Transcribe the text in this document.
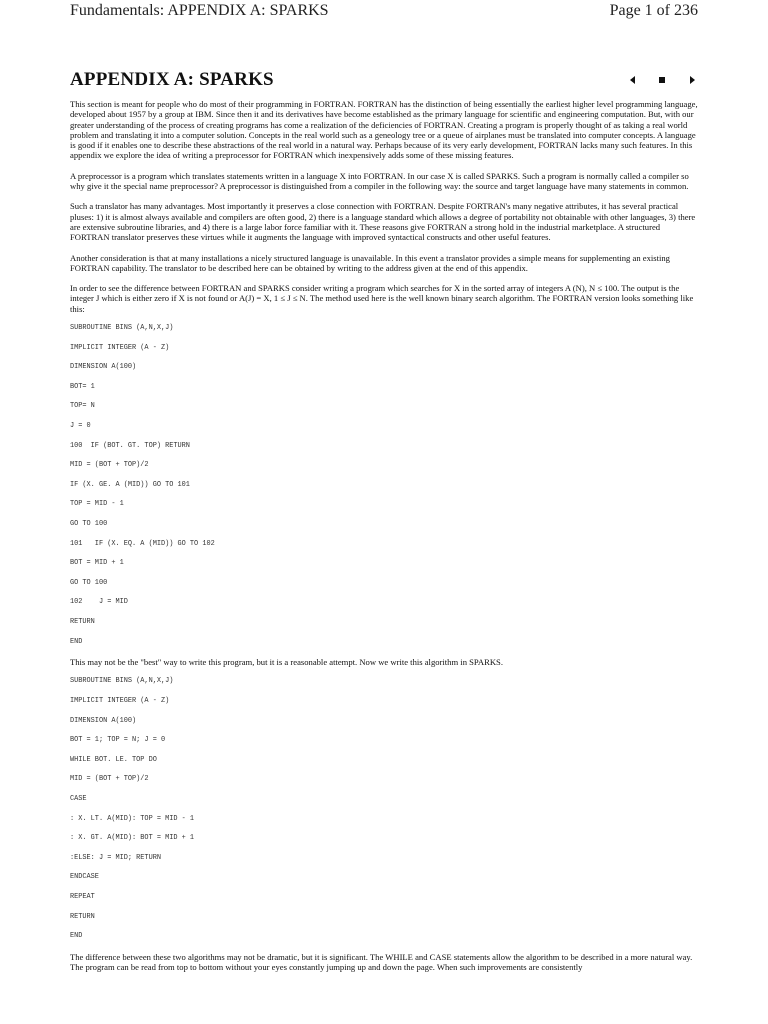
Fundamentals: APPENDIX A: SPARKS	Page 1 of 236
APPENDIX A: SPARKS

This section is meant for people who do most of their programming in FORTRAN. FORTRAN has the distinction of being essentially the earliest higher level programming language, developed about 1957 by a group at IBM. Since then it and its derivatives have become established as the primary language for scientific and engineering computation. But, with our greater understanding of the process of creating programs has come a realization of the deficiencies of FORTRAN. Creating a program is properly thought of as taking a real world problem and translating it into a computer solution. Concepts in the real world such as a geneology tree or a queue of airplanes must be translated into computer concepts. A language is good if it enables one to describe these abstractions of the real world in a natural way. Perhaps because of its very early development, FORTRAN lacks many such features. In this appendix we explore the idea of writing a preprocessor for FORTRAN which inexpensively adds some of these missing features.

A preprocessor is a program which translates statements written in a language X into FORTRAN. In our case X is called SPARKS. Such a program is normally called a compiler so why give it the special name preprocessor? A preprocessor is distinguished from a compiler in the following way: the source and target language have many statements in common.

Such a translator has many advantages. Most importantly it preserves a close connection with FORTRAN. Despite FORTRAN's many negative attributes, it has several practical pluses: 1) it is almost always available and compilers are often good, 2) there is a language standard which allows a degree of portability not obtainable with other languages, 3) there are extensive subroutine libraries, and 4) there is a large labor force familiar with it. These reasons give FORTRAN a strong hold in the industrial marketplace. A structured FORTRAN translator preserves these virtues while it augments the language with improved syntactical constructs and other useful features.

Another consideration is that at many installations a nicely structured language is unavailable. In this event a translator provides a simple means for supplementing an existing FORTRAN capability. The translator to be described here can be obtained by writing to the address given at the end of this appendix.

In order to see the difference between FORTRAN and SPARKS consider writing a program which searches for X in the sorted array of integers A (N), N ≤ 100. The output is the integer J which is either zero if X is not found or A(J) = X, 1 ≤ J ≤ N. The method used here is the well known binary search algorithm. The FORTRAN version looks something like this:

SUBROUTINE BINS (A,N,X,J)
IMPLICIT INTEGER (A - Z)
DIMENSION A(100)
BOT= 1
TOP= N
J = 0
100  IF (BOT. GT. TOP) RETURN
MID = (BOT + TOP)/2
IF (X. GE. A (MID)) GO TO 101
TOP = MID - 1
GO TO 100
101   IF (X. EQ. A (MID)) GO TO 102
BOT = MID + 1
GO TO 100
102    J = MID
RETURN
END

This may not be the "best" way to write this program, but it is a reasonable attempt. Now we write this algorithm in SPARKS.

SUBROUTINE BINS (A,N,X,J)
IMPLICIT INTEGER (A - Z)
DIMENSION A(100)
BOT = 1; TOP = N; J = 0
WHILE BOT. LE. TOP DO
MID = (BOT + TOP)/2
CASE
: X. LT. A(MID): TOP = MID - 1
: X. GT. A(MID): BOT = MID + 1
:ELSE: J = MID; RETURN
ENDCASE
REPEAT
RETURN
END

The difference between these two algorithms may not be dramatic, but it is significant. The WHILE and CASE statements allow the algorithm to be described in a more natural way. The program can be read from top to bottom without your eyes constantly jumping up and down the page. When such improvements are consistently
